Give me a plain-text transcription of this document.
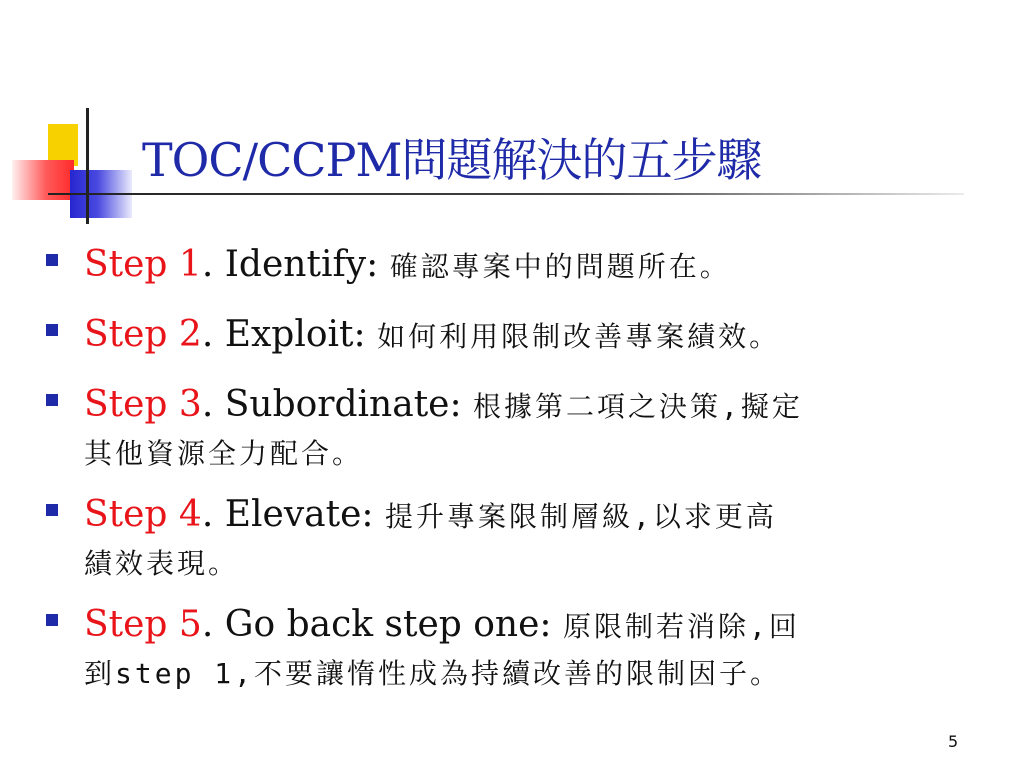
TOC/CCPM問題解決的五步驟
Step 1. Identify: 確認專案中的問題所在。
Step 2. Exploit: 如何利用限制改善專案績效。
Step 3. Subordinate: 根據第二項之決策,擬定
其他資源全力配合。
Step 4. Elevate: 提升專案限制層級,以求更高
績效表現。
Step 5. Go back step one: 原限制若消除,回
到step 1,不要讓惰性成為持續改善的限制因子。
5
